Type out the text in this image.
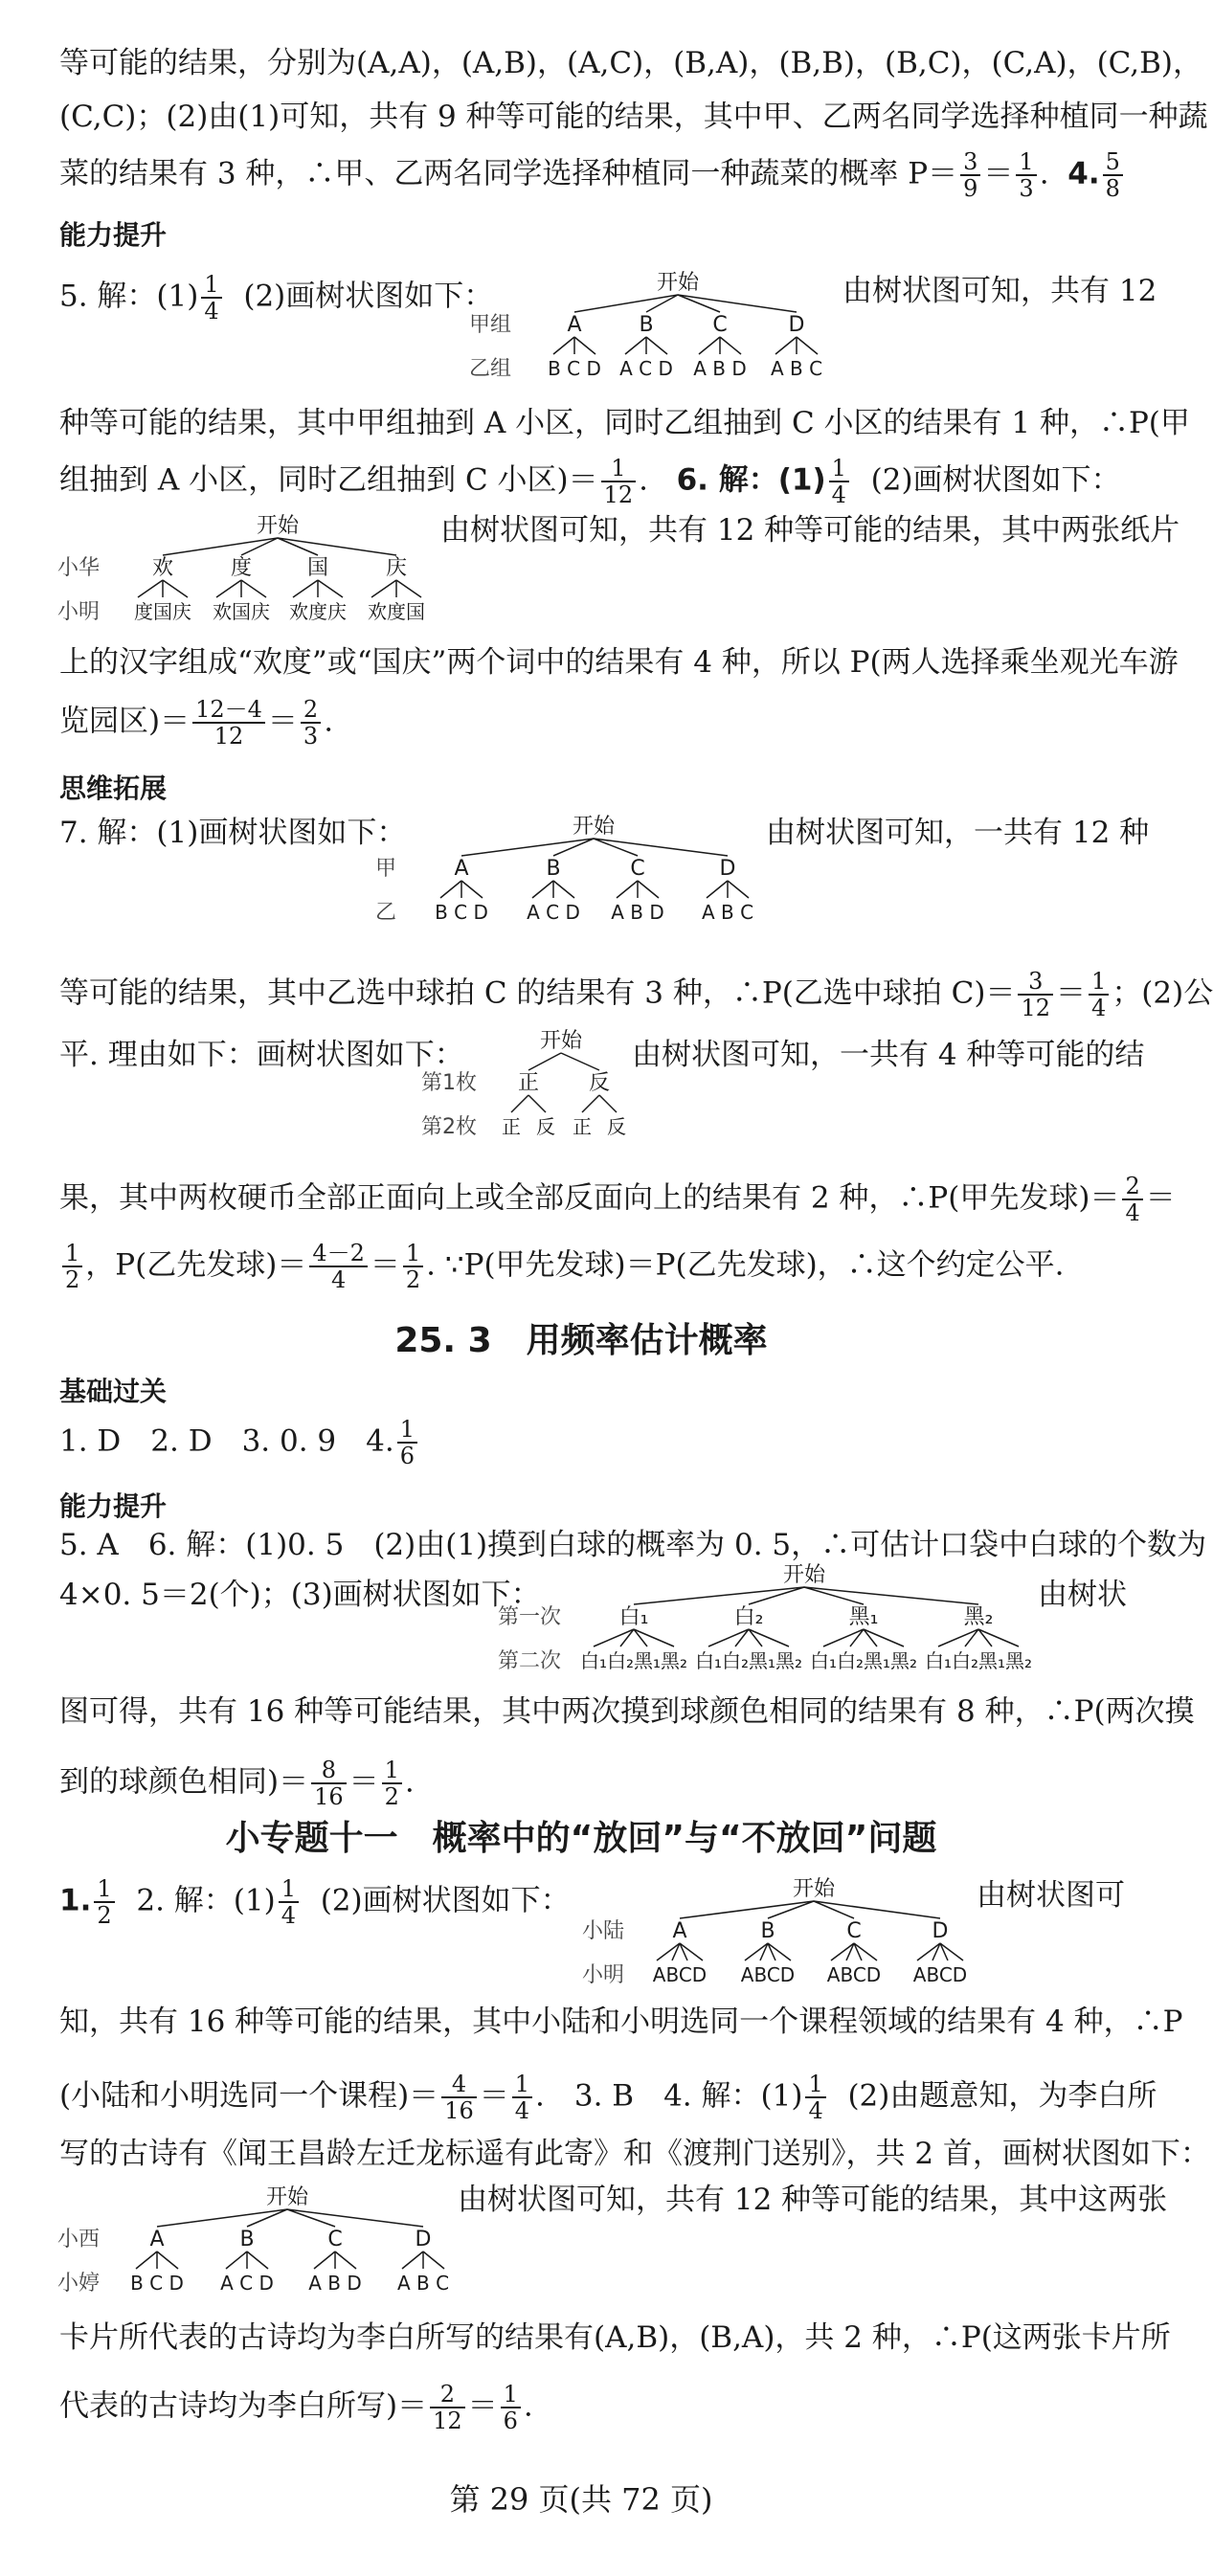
等可能的结果，分别为(A,A)，(A,B)，(A,C)，(B,A)，(B,B)，(B,C)，(C,A)，(C,B)，
(C,C)；(2)由(1)可知，共有 9 种等可能的结果，其中甲、乙两名同学选择种植同一种蔬
菜的结果有 3 种，∴甲、乙两名同学选择种植同一种蔬菜的概率 $P= \frac{3}{9} = \frac{1}{3}$ . 4. $\frac{5}{8}$
能力提升
5. 解：$(1) \frac{1}{4} (2)$画树状图如下：	由树状图可知，共有 12
开始
甲组
乙组
A	B	C	D
B C D A C D A B D A B C
种等可能的结果，其中甲组抽到 A 小区，同时乙组抽到 C 小区的结果有 1 种，∴P(甲
组抽到 A 小区，同时乙组抽到 C 小区)＝ $\frac{1}{12}$ . 6. 解：$(1) \frac{1}{4} (2)$画树状图如下：
开始
小华
小明
欢	度	国	庆
度国庆 欢国庆 欢度庆 欢度国
由树状图可知，共有 12 种等可能的结果，其中两张纸片
上的汉字组成“欢度”或“国庆”两个词中的结果有 4 种，所以 P(两人选择乘坐观光车游
览园区)＝ $\frac{12-4}{12} = \frac{2}{3}$ .
思维拓展
7. 解：(1)画树状图如下：	由树状图可知，一共有 12 种
开始
甲
乙
A	B	C	D
B C D A C D A B D A B C
等可能的结果，其中乙选中球拍 C 的结果有 3 种，∴P(乙选中球拍 $C)= \frac{3}{12} = \frac{1}{4}$ ；(2)公
平. 理由如下：画树状图如下：	由树状图可知，一共有 4 种等可能的结
开始
第1枚
第2枚
正 反
正 反 正 反
果，其中两枚硬币全部正面向上或全部反面向上的结果有 2 种，∴P(甲先发球)＝ $\frac{2}{4}$ ＝
$\frac{1}{2}$ ，P(乙先发球)＝ $\frac{4-2}{4} = \frac{1}{2}$ . ∵P(甲先发球)＝P(乙先发球)，∴这个约定公平.
25. 3　用频率估计概率
基础过关
1. D　2. D　3. 0. 9　4. $\frac{1}{6}$
能力提升
5. A　6. 解：(1)0. 5　(2)由(1)摸到白球的概率为 0. 5，∴可估计口袋中白球的个数为
4×0. 5＝2(个)；(3)画树状图如下：	由树状
开始
第一次
第二次
白₁	白₂	黑₁	黑₂
白₁白₂黑₁黑₂ 白₁白₂黑₁黑₂ 白₁白₂黑₁黑₂ 白₁白₂黑₁黑₂
图可得，共有 16 种等可能结果，其中两次摸到球颜色相同的结果有 8 种，∴P(两次摸
到的球颜色相同)＝ $\frac{8}{16} = \frac{1}{2}$ .
小专题十一　概率中的“放回”与“不放回”问题
1. $\frac{1}{2} 2$. 解：$(1) \frac{1}{4} (2)$画树状图如下：	由树状图可
开始
小陆
小明
A	B	C	D
ABCD ABCD ABCD ABCD
知，共有 16 种等可能的结果，其中小陆和小明选同一个课程领域的结果有 4 种，∴P
(小陆和小明选同一个课程)＝ $\frac{4}{16} = \frac{1}{4}$ .　3. B　4. 解：$(1) \frac{1}{4} (2)$由题意知，为李白所
写的古诗有《闻王昌龄左迁龙标遥有此寄》和《渡荆门送别》，共 2 首，画树状图如下：
开始
小西
小婷
A	B	C	D
B C D A C D A B D A B C
由树状图可知，共有 12 种等可能的结果，其中这两张
卡片所代表的古诗均为李白所写的结果有(A,B)，(B,A)，共 2 种，∴P(这两张卡片所
代表的古诗均为李白所写)＝ $\frac{2}{12} = \frac{1}{6}$ .
第 29 页(共 72 页)
